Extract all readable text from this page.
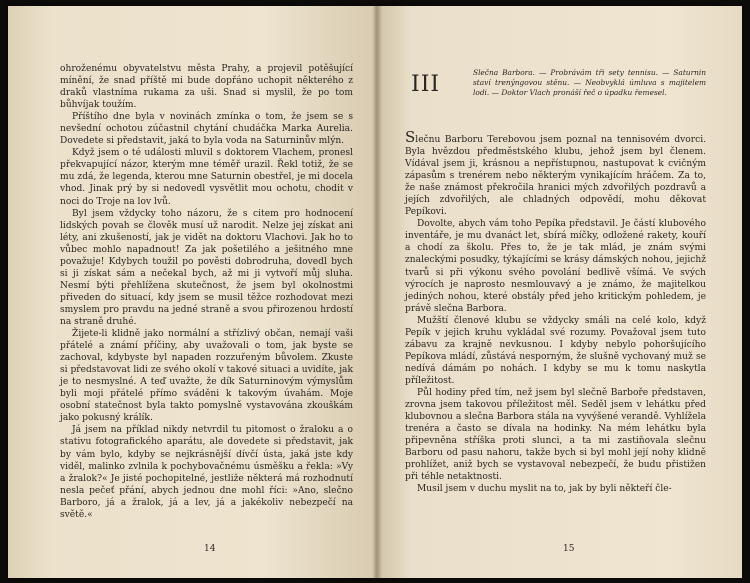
ohroženému obyvatelstvu města Prahy, a projevil potěšující mínění, že snad příště mi bude dopřáno uchopit některého z draků vlastníma rukama za uši. Snad si myslil, že po tom bůhvíjak toužím.

Příštího dne byla v novinách zmínka o tom, že jsem se s nevšední ochotou zúčastnil chytání chudáčka Marka Aurelia. Dovedete si představit, jaká to byla voda na Saturninův mlýn.

Když jsem o té události mluvil s doktorem Vlachem, pronesl překvapující názor, kterým mne téměř urazil. Řekl totiž, že se mu zdá, že legenda, kterou mne Saturnin obestřel, je mi docela vhod. Jinak prý by si nedovedl vysvětlit mou ochotu, chodit v noci do Troje na lov lvů.

Byl jsem vždycky toho názoru, že s citem pro hodnocení lidských povah se člověk musí už narodit. Nelze jej získat ani léty, ani zkušeností, jak je vidět na doktoru Vlachovi. Jak ho to vůbec mohlo napadnout! Za jak pošetilého a ješitného mne považuje! Kdybych toužil po pověsti dobrodruha, dovedl bych si ji získat sám a nečekal bych, až mi ji vytvoří můj sluha. Nesmí býti přehlížena skutečnost, že jsem byl okolnostmi přiveden do situací, kdy jsem se musil těžce rozhodovat mezi smyslem pro pravdu na jedné straně a svou přirozenou hrdostí na straně druhé.

Žijete-li klidně jako normální a střízlivý občan, nemají vaši přátelé a známí příčiny, aby uvažovali o tom, jak byste se zachoval, kdybyste byl napaden rozzuřeným bůvolem. Zkuste si představovat lidi ze svého okolí v takové situaci a uvidíte, jak je to nesmyslné. A teď uvažte, že dík Saturninovým výmyslům byli moji přátelé přímo sváděni k takovým úvahám. Moje osobní statečnost byla takto pomyslně vystavována zkouškám jako pokusný králík.

Já jsem na příklad nikdy netvrdil tu pitomost o žraloku a o stativu fotografického aparátu, ale dovedete si představit, jak by vám bylo, kdyby se nejkrásnější dívčí ústa, jaká jste kdy viděl, malinko zvlnila k pochybovačnému úsměšku a řekla: »Vy a žralok?« Je jisté pochopitelné, jestliže některá má rozhodnutí nesla pečeť přání, abych jednou dne mohl říci: »Ano, slečno Barboro, já a žralok, já a lev, já a jakékoliv nebezpečí na světě.«

14
III	Slečna Barbora. — Probrávám tři sety tennisu. — Saturnin staví trenýngovou stěnu. — Neobvyklá úmluva s majitelem lodi. — Doktor Vlach pronáší řeč o úpadku řemesel.

Slečnu Barboru Terebovou jsem poznal na tennisovém dvorci. Byla hvězdou předměstského klubu, jehož jsem byl členem. Vídával jsem ji, krásnou a nepřístupnou, nastupovat k cvičným zápasům s trenérem nebo některým vynikajícím hráčem. Za to, že naše známost překročila hranici mých zdvořilých pozdravů a jejích zdvořilých, ale chladných odpovědí, mohu děkovat Pepíkovi.

Dovolte, abych vám toho Pepíka představil. Je částí klubového inventáře, je mu dvanáct let, sbírá míčky, odložené rakety, kouří a chodí za školu. Přes to, že je tak mlád, je znám svými znaleckými posudky, týkajícími se krásy dámských nohou, jejichž tvarů si při výkonu svého povolání bedlivě všímá. Ve svých výrocích je naprosto nesmlouvavý a je známo, že majitelkou jediných nohou, které obstály před jeho kritickým pohledem, je právě slečna Barbora.

Mužští členové klubu se vždycky smáli na celé kolo, když Pepík v jejich kruhu vykládal své rozumy. Považoval jsem tuto zábavu za krajně nevkusnou. I kdyby nebylo pohoršujícího Pepíkova mládí, zůstává nesporným, že slušně vychovaný muž se nedívá dámám po nohách. I kdyby se mu k tomu naskytla příležitost.

Půl hodiny před tím, než jsem byl slečně Barboře představen, zrovna jsem takovou příležitost měl. Seděl jsem v lehátku před klubovnou a slečna Barbora stála na vyvýšené verandě. Vyhlížela trenéra a často se dívala na hodinky. Na mém lehátku byla připevněna stříška proti slunci, a ta mi zastiňovala slečnu Barboru od pasu nahoru, takže bych si byl mohl její nohy klidně prohlížet, aniž bych se vystavoval nebezpečí, že budu přistižen při téhle netaktnosti.

Musil jsem v duchu myslit na to, jak by byli někteří čle-

15
